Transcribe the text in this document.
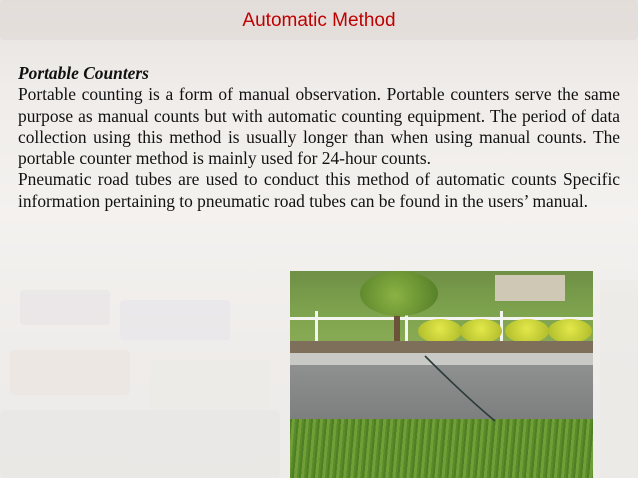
Automatic Method
Portable Counters

Portable counting is a form of manual observation. Portable counters serve the same purpose as manual counts but with automatic counting equipment. The period of data collection using this method is usually longer than when using manual counts. The portable counter method is mainly used for 24-hour counts.

Pneumatic road tubes are used to conduct this method of automatic counts Specific information pertaining to pneumatic road tubes can be found in the users’ manual.
